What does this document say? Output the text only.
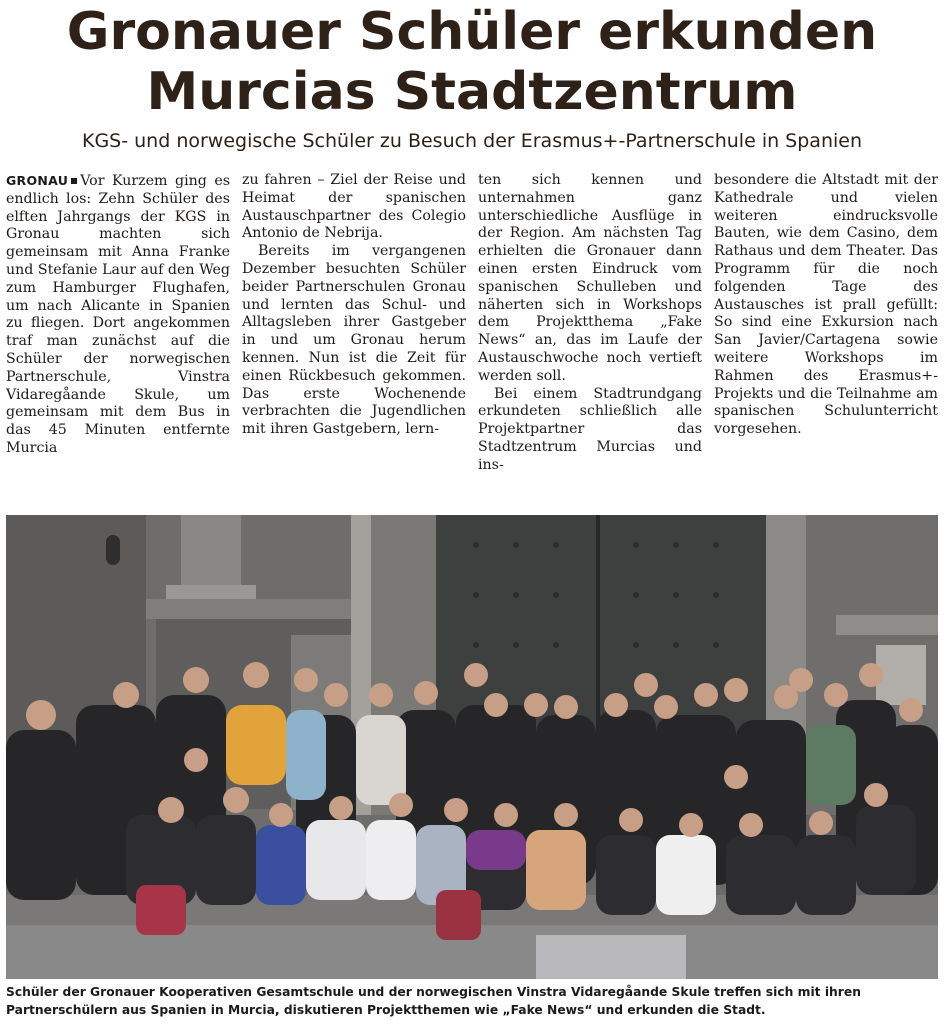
Gronauer Schüler erkunden
Murcias Stadtzentrum
KGS- und norwegische Schüler zu Besuch der Erasmus+-Partnerschule in Spanien

GRONAU Vor Kurzem ging es endlich los: Zehn Schüler des elften Jahrgangs der KGS in Gronau machten sich gemeinsam mit Anna Franke und Stefanie Laur auf den Weg zum Hamburger Flughafen, um nach Alicante in Spanien zu fliegen. Dort angekommen traf man zunächst auf die Schüler der norwegischen Partnerschule, Vinstra Vidaregåande Skule, um gemeinsam mit dem Bus in das 45 Minuten entfernte Murcia

zu fahren – Ziel der Reise und Heimat der spanischen Austauschpartner des Colegio Antonio de Nebrija.

Bereits im vergangenen Dezember besuchten Schüler beider Partnerschulen Gronau und lernten das Schul- und Alltagsleben ihrer Gastgeber in und um Gronau herum kennen. Nun ist die Zeit für einen Rückbesuch gekommen. Das erste Wochenende verbrachten die Jugendlichen mit ihren Gastgebern, lern-

ten sich kennen und unternahmen ganz unterschiedliche Ausflüge in der Region. Am nächsten Tag erhielten die Gronauer dann einen ersten Eindruck vom spanischen Schulleben und näherten sich in Workshops dem Projektthema „Fake News“ an, das im Laufe der Austauschwoche noch vertieft werden soll.

Bei einem Stadtrundgang erkundeten schließlich alle Projektpartner das Stadtzentrum Murcias und ins-

besondere die Altstadt mit der Kathedrale und vielen weiteren eindrucksvolle Bauten, wie dem Casino, dem Rathaus und dem Theater. Das Programm für die noch folgenden Tage des Austausches ist prall gefüllt: So sind eine Exkursion nach San Javier/Cartagena sowie weitere Workshops im Rahmen des Erasmus+-Projekts und die Teilnahme am spanischen Schulunterricht vorgesehen.

Schüler der Gronauer Kooperativen Gesamtschule und der norwegischen Vinstra Vidaregåande Skule treffen sich mit ihren Partnerschülern aus Spanien in Murcia, diskutieren Projektthemen wie „Fake News“ und erkunden die Stadt.
